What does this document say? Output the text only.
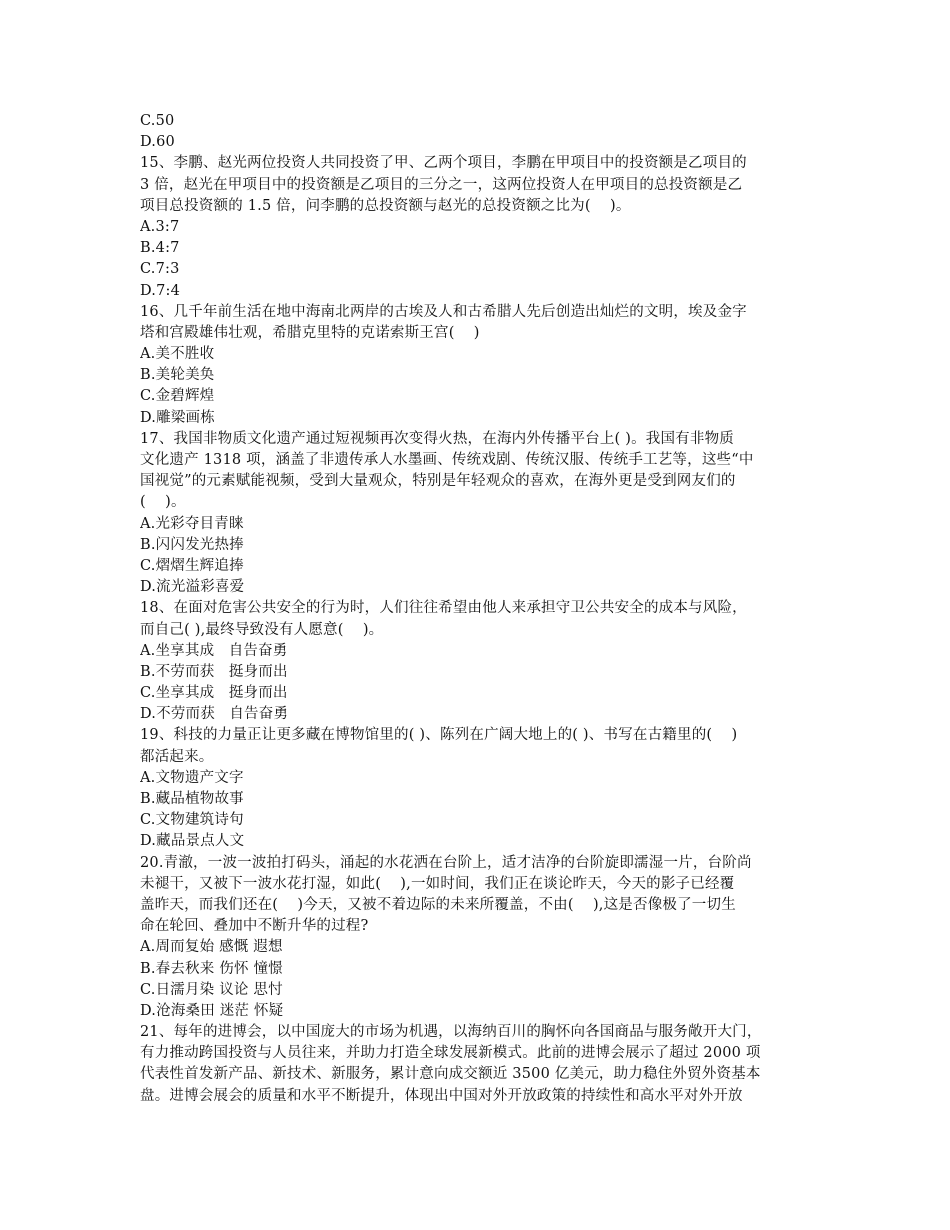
C.50
D.60
15、李鹏、赵光两位投资人共同投资了甲、乙两个项目，李鹏在甲项目中的投资额是乙项目的
3 倍，赵光在甲项目中的投资额是乙项目的三分之一，这两位投资人在甲项目的总投资额是乙
项目总投资额的 1.5 倍，问李鹏的总投资额与赵光的总投资额之比为(    )。
A.3:7
B.4:7
C.7:3
D.7:4
16、几千年前生活在地中海南北两岸的古埃及人和古希腊人先后创造出灿烂的文明，埃及金字
塔和宫殿雄伟壮观，希腊克里特的克诺索斯王宫(    )
A.美不胜收
B.美轮美奂
C.金碧辉煌
D.雕梁画栋
17、我国非物质文化遗产通过短视频再次变得火热，在海内外传播平台上( )。我国有非物质
文化遗产 1318 项，涵盖了非遗传承人水墨画、传统戏剧、传统汉服、传统手工艺等，这些“中
国视觉”的元素赋能视频，受到大量观众，特别是年轻观众的喜欢，在海外更是受到网友们的
(    )。
A.光彩夺目青睐
B.闪闪发光热捧
C.熠熠生辉追捧
D.流光溢彩喜爱
18、在面对危害公共安全的行为时，人们往往希望由他人来承担守卫公共安全的成本与风险，
而自己( ),最终导致没有人愿意(    )。
A.坐享其成   自告奋勇
B.不劳而获   挺身而出
C.坐享其成   挺身而出
D.不劳而获   自告奋勇
19、科技的力量正让更多藏在博物馆里的( )、陈列在广阔大地上的( )、书写在古籍里的(    )
都活起来。
A.文物遗产文字
B.藏品植物故事
C.文物建筑诗句
D.藏品景点人文
20.青澈，一波一波拍打码头，涌起的水花洒在台阶上，适才洁净的台阶旋即濡湿一片，台阶尚
未褪干，又被下一波水花打湿，如此(    ),一如时间，我们正在谈论昨天，今天的影子已经覆
盖昨天，而我们还在(    )今天，又被不着边际的未来所覆盖，不由(    ),这是否像极了一切生
命在轮回、叠加中不断升华的过程?
A.周而复始 感慨 遐想
B.春去秋来 伤怀 憧憬
C.日濡月染 议论 思忖
D.沧海桑田 迷茫 怀疑
21、每年的进博会，以中国庞大的市场为机遇，以海纳百川的胸怀向各国商品与服务敞开大门，
有力推动跨国投资与人员往来，并助力打造全球发展新模式。此前的进博会展示了超过 2000 项
代表性首发新产品、新技术、新服务，累计意向成交额近 3500 亿美元，助力稳住外贸外资基本
盘。进博会展会的质量和水平不断提升，体现出中国对外开放政策的持续性和高水平对外开放
